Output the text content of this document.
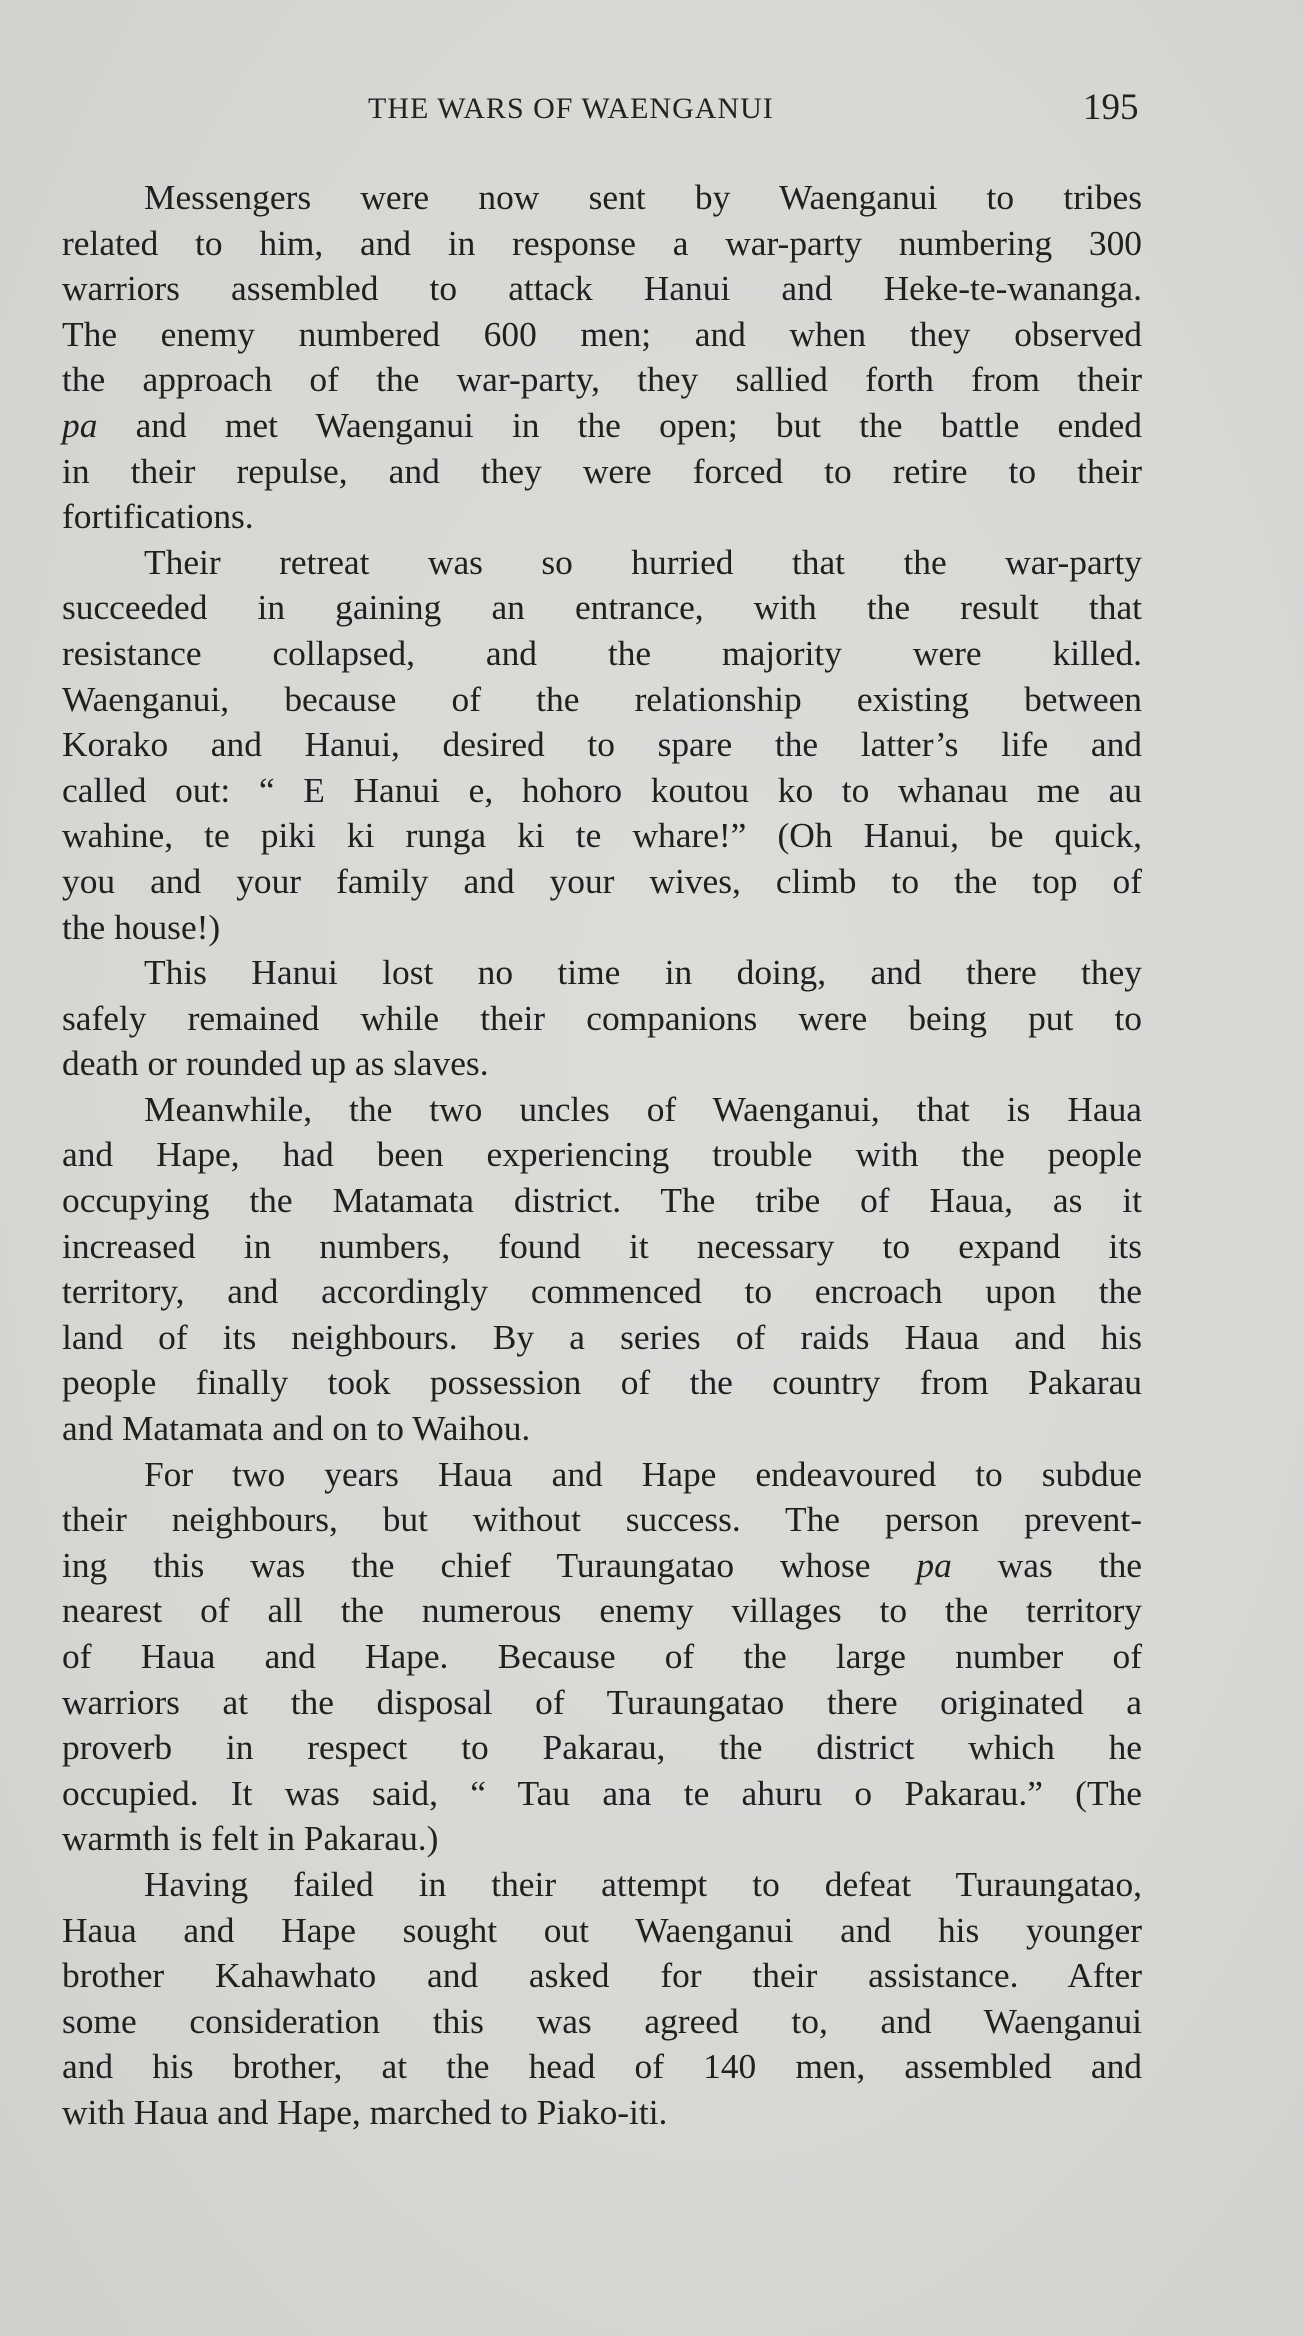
THE WARS OF WAENGANUI	195
Messengers were now sent by Waenganui to tribes
related to him, and in response a war-party numbering 300
warriors assembled to attack Hanui and Heke-te-wananga.
The enemy numbered 600 men; and when they observed
the approach of the war-party, they sallied forth from their
pa and met Waenganui in the open; but the battle ended
in their repulse, and they were forced to retire to their
fortifications.
Their retreat was so hurried that the war-party
succeeded in gaining an entrance, with the result that
resistance collapsed, and the majority were killed.
Waenganui, because of the relationship existing between
Korako and Hanui, desired to spare the latter’s life and
called out: “ E Hanui e, hohoro koutou ko to whanau me au
wahine, te piki ki runga ki te whare!” (Oh Hanui, be quick,
you and your family and your wives, climb to the top of
the house!)
This Hanui lost no time in doing, and there they
safely remained while their companions were being put to
death or rounded up as slaves.
Meanwhile, the two uncles of Waenganui, that is Haua
and Hape, had been experiencing trouble with the people
occupying the Matamata district. The tribe of Haua, as it
increased in numbers, found it necessary to expand its
territory, and accordingly commenced to encroach upon the
land of its neighbours. By a series of raids Haua and his
people finally took possession of the country from Pakarau
and Matamata and on to Waihou.
For two years Haua and Hape endeavoured to subdue
their neighbours, but without success. The person prevent-
ing this was the chief Turaungatao whose pa was the
nearest of all the numerous enemy villages to the territory
of Haua and Hape. Because of the large number of
warriors at the disposal of Turaungatao there originated a
proverb in respect to Pakarau, the district which he
occupied. It was said, “ Tau ana te ahuru o Pakarau.” (The
warmth is felt in Pakarau.)
Having failed in their attempt to defeat Turaungatao,
Haua and Hape sought out Waenganui and his younger
brother Kahawhato and asked for their assistance. After
some consideration this was agreed to, and Waenganui
and his brother, at the head of 140 men, assembled and
with Haua and Hape, marched to Piako-iti.
